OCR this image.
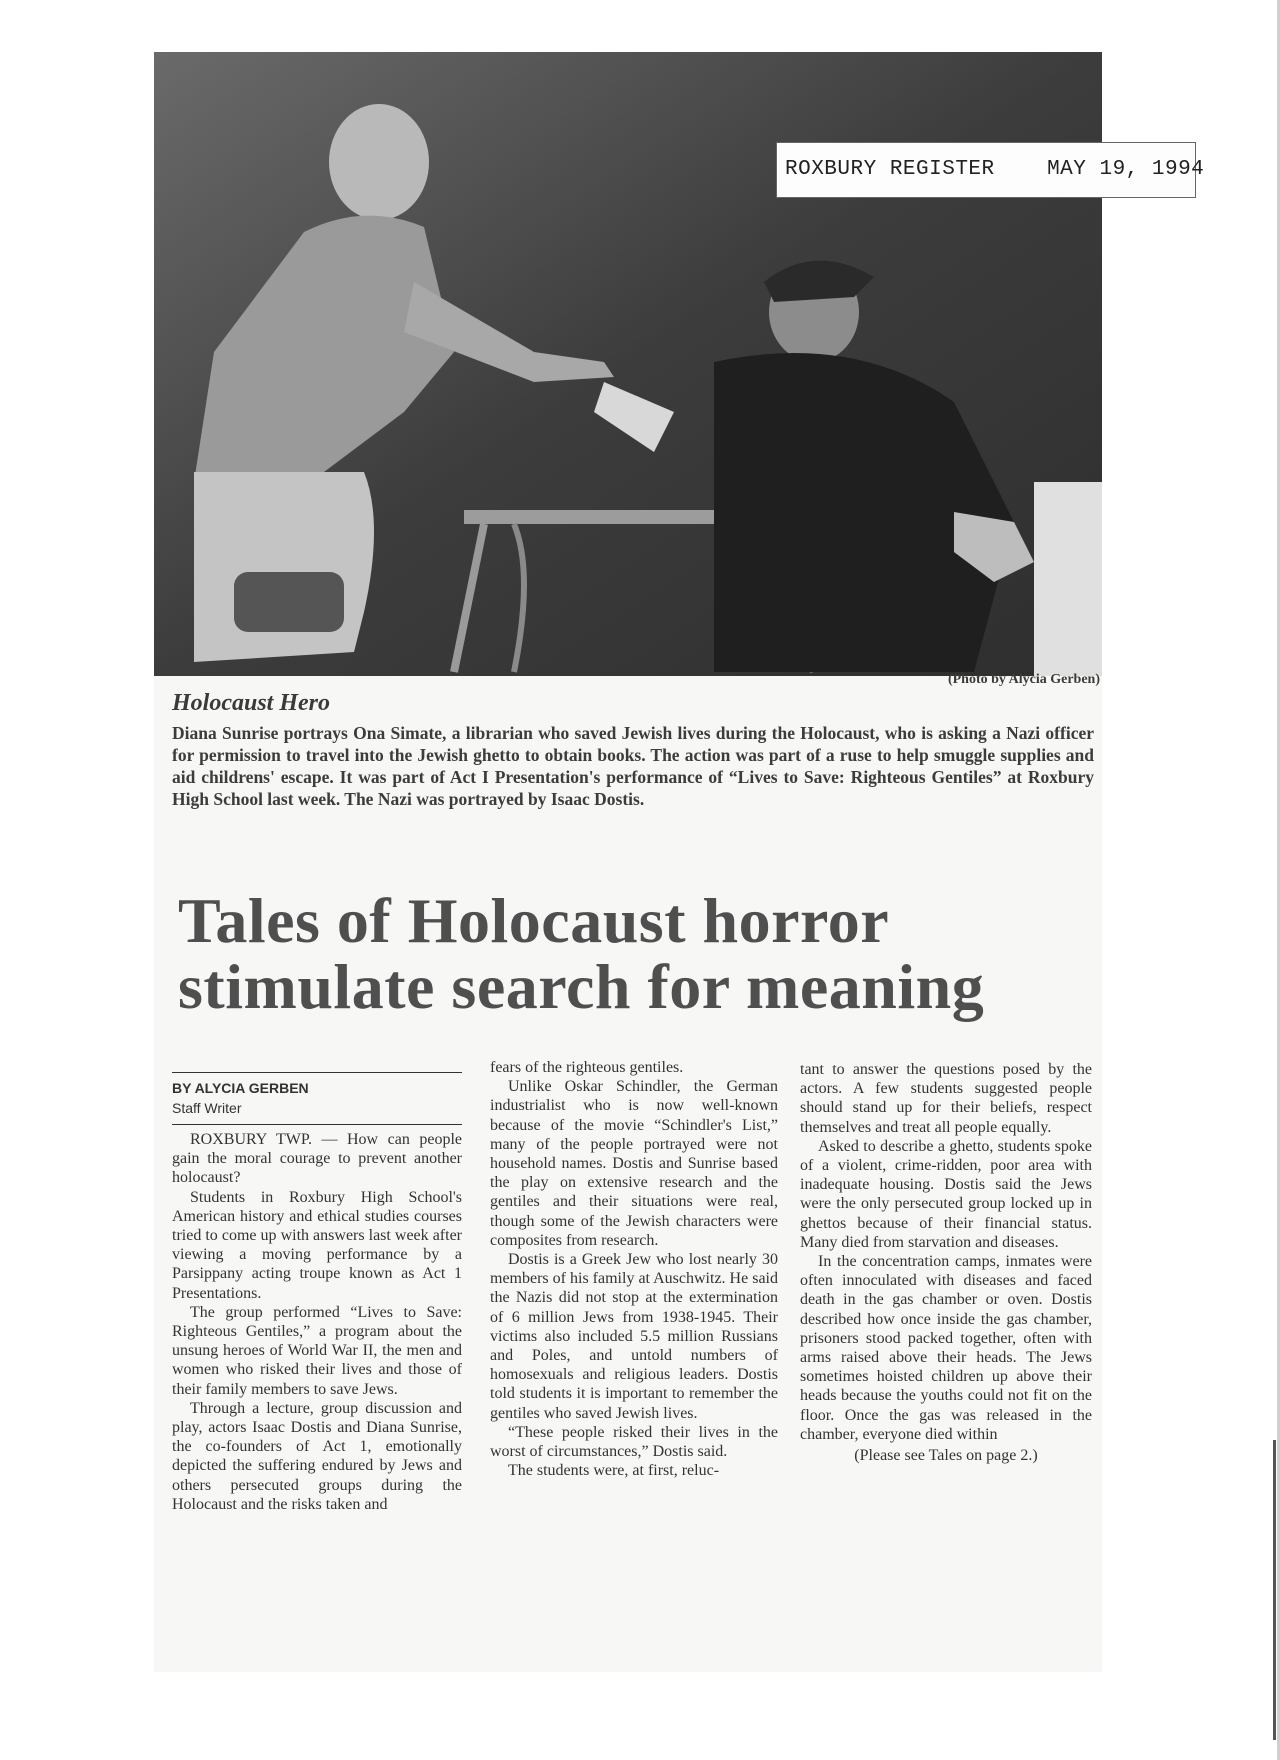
ROXBURY REGISTER MAY 19, 1994
(Photo by Alycia Gerben)
Holocaust Hero
Diana Sunrise portrays Ona Simate, a librarian who saved Jewish lives during the Holocaust, who is asking a Nazi officer for permission to travel into the Jewish ghetto to obtain books. The action was part of a ruse to help smuggle supplies and aid childrens' escape. It was part of Act I Presentation's performance of “Lives to Save: Righteous Gentiles” at Roxbury High School last week. The Nazi was portrayed by Isaac Dostis.
Tales of Holocaust horror
stimulate search for meaning
BY ALYCIA GERBEN
Staff Writer

ROXBURY TWP. — How can people gain the moral courage to prevent another holocaust?

Students in Roxbury High School's American history and ethical studies courses tried to come up with answers last week after viewing a moving performance by a Parsippany acting troupe known as Act 1 Presentations.

The group performed “Lives to Save: Righteous Gentiles,” a program about the unsung heroes of World War II, the men and women who risked their lives and those of their family members to save Jews.

Through a lecture, group discussion and play, actors Isaac Dostis and Diana Sunrise, the co-founders of Act 1, emotionally depicted the suffering endured by Jews and others persecuted groups during the Holocaust and the risks taken and

fears of the righteous gentiles.

Unlike Oskar Schindler, the German industrialist who is now well-known because of the movie “Schindler's List,” many of the people portrayed were not household names. Dostis and Sunrise based the play on extensive research and the gentiles and their situations were real, though some of the Jewish characters were composites from research.

Dostis is a Greek Jew who lost nearly 30 members of his family at Auschwitz. He said the Nazis did not stop at the extermination of 6 million Jews from 1938-1945. Their victims also included 5.5 million Russians and Poles, and untold numbers of homosexuals and religious leaders. Dostis told students it is important to remember the gentiles who saved Jewish lives.

“These people risked their lives in the worst of circumstances,” Dostis said.

The students were, at first, reluc-

tant to answer the questions posed by the actors. A few students suggested people should stand up for their beliefs, respect themselves and treat all people equally.

Asked to describe a ghetto, students spoke of a violent, crime-ridden, poor area with inadequate housing. Dostis said the Jews were the only persecuted group locked up in ghettos because of their financial status. Many died from starvation and diseases.

In the concentration camps, inmates were often innoculated with diseases and faced death in the gas chamber or oven. Dostis described how once inside the gas chamber, prisoners stood packed together, often with arms raised above their heads. The Jews sometimes hoisted children up above their heads because the youths could not fit on the floor. Once the gas was released in the chamber, everyone died within

(Please see Tales on page 2.)
